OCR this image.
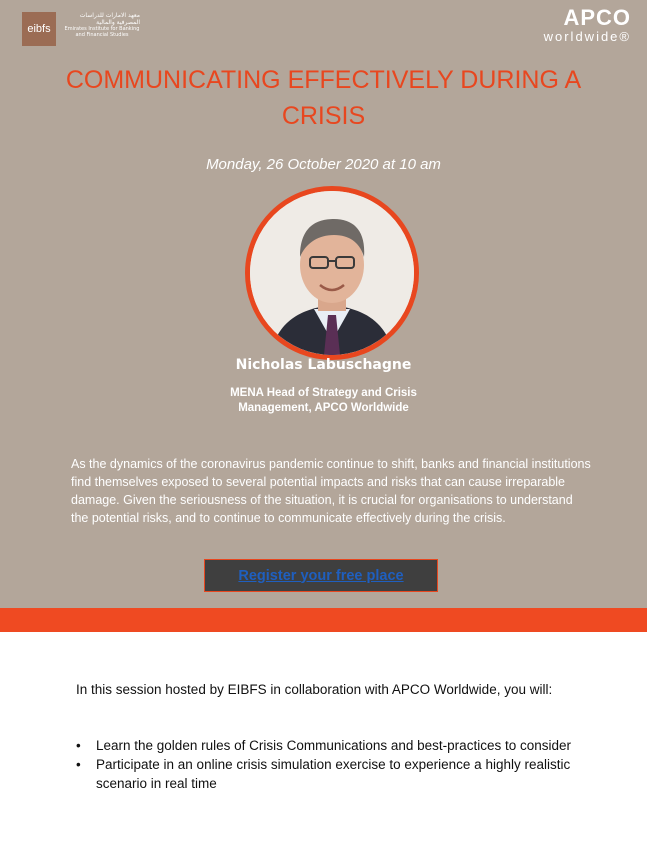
eibfs
معهد الامارات للدراسات المصرفية والمالية
Emirates Institute for Banking and Financial Studies
APCO
worldwide®
COMMUNICATING EFFECTIVELY DURING A CRISIS
Monday, 26 October 2020 at 10 am
Nicholas Labuschagne
MENA Head of Strategy and Crisis Management, APCO Worldwide
As the dynamics of the coronavirus pandemic continue to shift, banks and financial institutions find themselves exposed to several potential impacts and risks that can cause irreparable damage. Given the seriousness of the situation, it is crucial for organisations to understand the potential risks, and to continue to communicate effectively during the crisis.
Register your free place
In this session hosted by EIBFS in collaboration with APCO Worldwide, you will:
• Learn the golden rules of Crisis Communications and best-practices to consider
• Participate in an online crisis simulation exercise to experience a highly realistic scenario in real time
